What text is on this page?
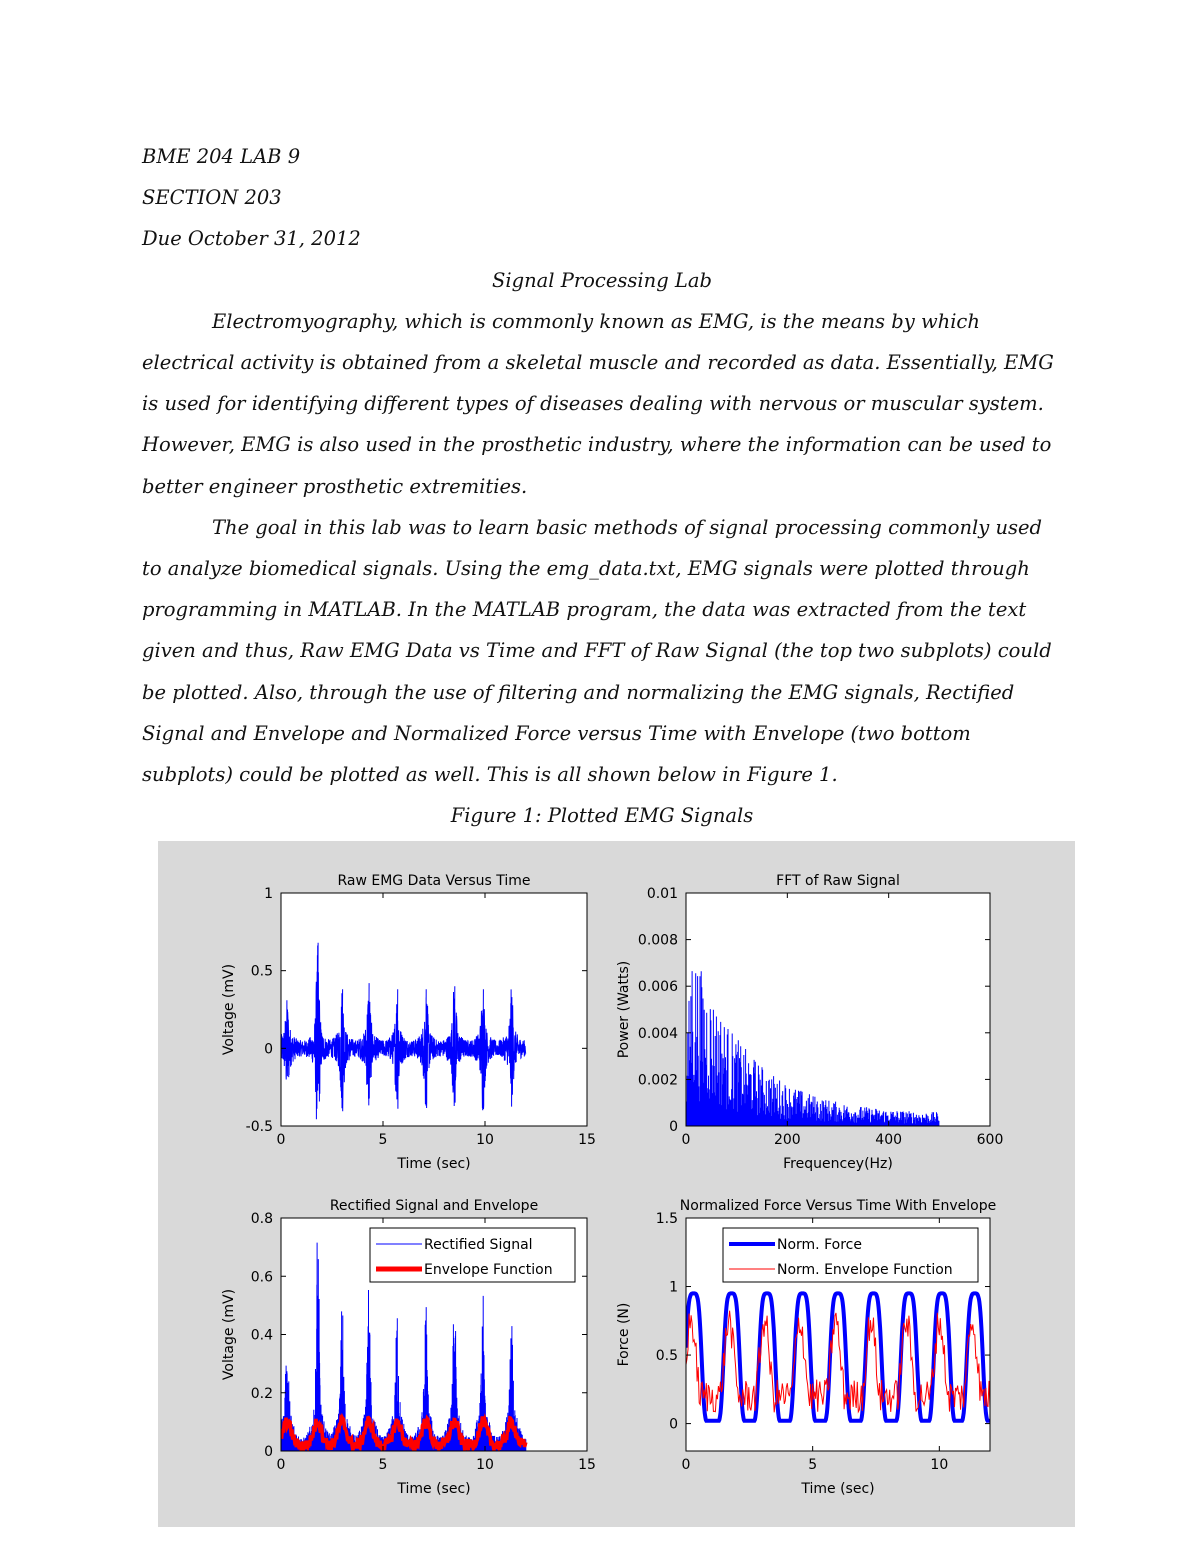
BME 204 LAB 9

SECTION 203

Due October 31, 2012

Signal Processing Lab

Electromyography, which is commonly known as EMG, is the means by which electrical activity is obtained from a skeletal muscle and recorded as data. Essentially, EMG is used for identifying different types of diseases dealing with nervous or muscular system. However, EMG is also used in the prosthetic industry, where the information can be used to better engineer prosthetic extremities.

The goal in this lab was to learn basic methods of signal processing commonly used to analyze biomedical signals. Using the emg_data.txt, EMG signals were plotted through programming in MATLAB. In the MATLAB program, the data was extracted from the text given and thus, Raw EMG Data vs Time and FFT of Raw Signal (the top two subplots) could be plotted. Also, through the use of filtering and normalizing the EMG signals, Rectified Signal and Envelope and Normalized Force versus Time with Envelope (two bottom subplots) could be plotted as well. This is all shown below in Figure 1.

Figure 1: Plotted EMG Signals

0	5	10	15
-0.5
0
0.5
1
Raw EMG Data Versus Time
Time (sec)
Voltage (mV)
0	200	400	600
0
0.002
0.004
0.006
0.008
0.01
FFT of Raw Signal
Frequencey(Hz)
Power (Watts)
0	5	10	15
0
0.2
0.4
0.6
0.8
Rectified Signal and Envelope
Time (sec)
Voltage (mV)
Rectified Signal
Envelope Function
0	5	10
0
0.5
1
1.5
Normalized Force Versus Time With Envelope
Time (sec)
Force (N)
Norm. Force
Norm. Envelope Function
